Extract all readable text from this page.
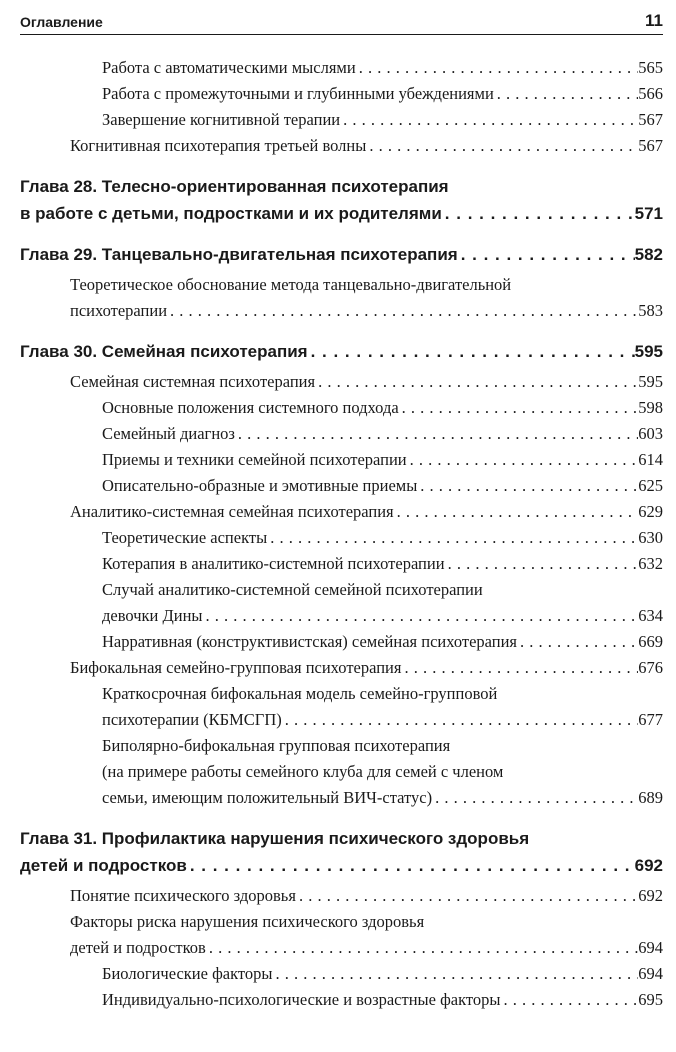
Оглавление	11
Работа с автоматическими мыслями . . .	565
Работа с промежуточными и глубинными убеждениями . . .	566
Завершение когнитивной терапии . . .	567
Когнитивная психотерапия третьей волны . . .	567
Глава 28. Телесно-ориентированная психотерапия
в работе с детьми, подростками и их родителями . . .	571
Глава 29. Танцевально-двигательная психотерапия . . .	582
Теоретическое обоснование метода танцевально-двигательной
психотерапии . . .	583
Глава 30. Семейная психотерапия . . .	595
Семейная системная психотерапия . . .	595
Основные положения системного подхода . . .	598
Семейный диагноз . . .	603
Приемы и техники семейной психотерапии . . .	614
Описательно-образные и эмотивные приемы . . .	625
Аналитико-системная семейная психотерапия . . .	629
Теоретические аспекты . . .	630
Котерапия в аналитико-системной психотерапии . . .	632
Случай аналитико-системной семейной психотерапии
девочки Дины . . .	634
Нарративная (конструктивистская) семейная психотерапия . . .	669
Бифокальная семейно-групповая психотерапия . . .	676
Краткосрочная бифокальная модель семейно-групповой
психотерапии (КБМСГП) . . .	677
Биполярно-бифокальная групповая психотерапия
(на примере работы семейного клуба для семей с членом
семьи, имеющим положительный ВИЧ-статус) . . .	689
Глава 31. Профилактика нарушения психического здоровья
детей и подростков . . .	692
Понятие психического здоровья . . .	692
Факторы риска нарушения психического здоровья
детей и подростков . . .	694
Биологические факторы . . .	694
Индивидуально-психологические и возрастные факторы . . .	695
